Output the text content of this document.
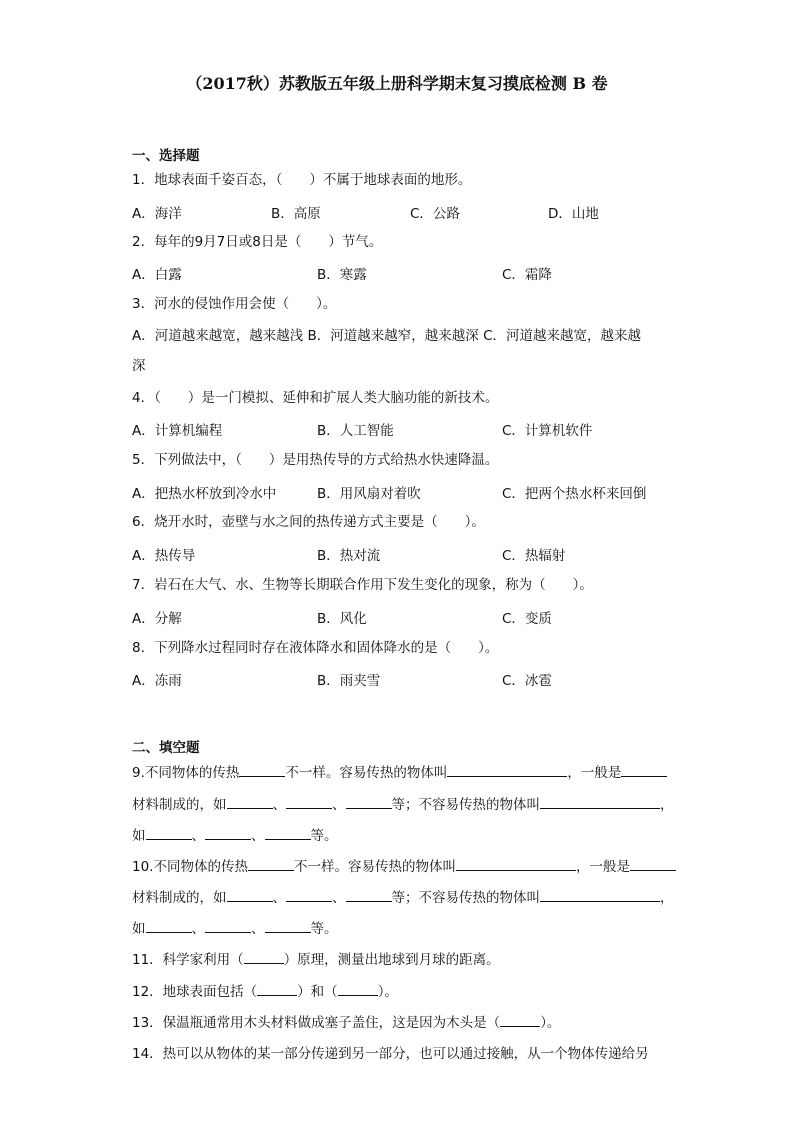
（2017秋）苏教版五年级上册科学期末复习摸底检测 B 卷
一、选择题
1．地球表面千姿百态，（　　）不属于地球表面的地形。
A．海洋	B．高原	C．公路	D．山地
2．每年的9月7日或8日是（　　）节气。
A．白露	B．寒露	C．霜降
3．河水的侵蚀作用会使（　　）。
A．河道越来越宽，越来越浅 B．河道越来越窄，越来越深 C．河道越来越宽，越来越
深
4．（　　）是一门模拟、延伸和扩展人类大脑功能的新技术。
A．计算机编程	B．人工智能	C．计算机软件
5．下列做法中，（　　）是用热传导的方式给热水快速降温。
A．把热水杯放到冷水中	B．用风扇对着吹	C．把两个热水杯来回倒
6．烧开水时，壶壁与水之间的热传递方式主要是（　　）。
A．热传导	B．热对流	C．热辐射
7．岩石在大气、水、生物等长期联合作用下发生变化的现象，称为（　　）。
A．分解	B．风化	C．变质
8．下列降水过程同时存在液体降水和固体降水的是（　　）。
A．冻雨	B．雨夹雪	C．冰雹
二、填空题
9.不同物体的传热	不一样。容易传热的物体叫	，一般是
材料制成的，如	、	、	等；不容易传热的物体叫	，
如	、	、	等。
10.不同物体的传热	不一样。容易传热的物体叫	，一般是
材料制成的，如	、	、	等；不容易传热的物体叫	，
如	、	、	等。
11．科学家利用（	）原理，测量出地球到月球的距离。
12．地球表面包括（	）和（	）。
13．保温瓶通常用木头材料做成塞子盖住，这是因为木头是（	）。
14．热可以从物体的某一部分传递到另一部分，也可以通过接触，从一个物体传递给另
